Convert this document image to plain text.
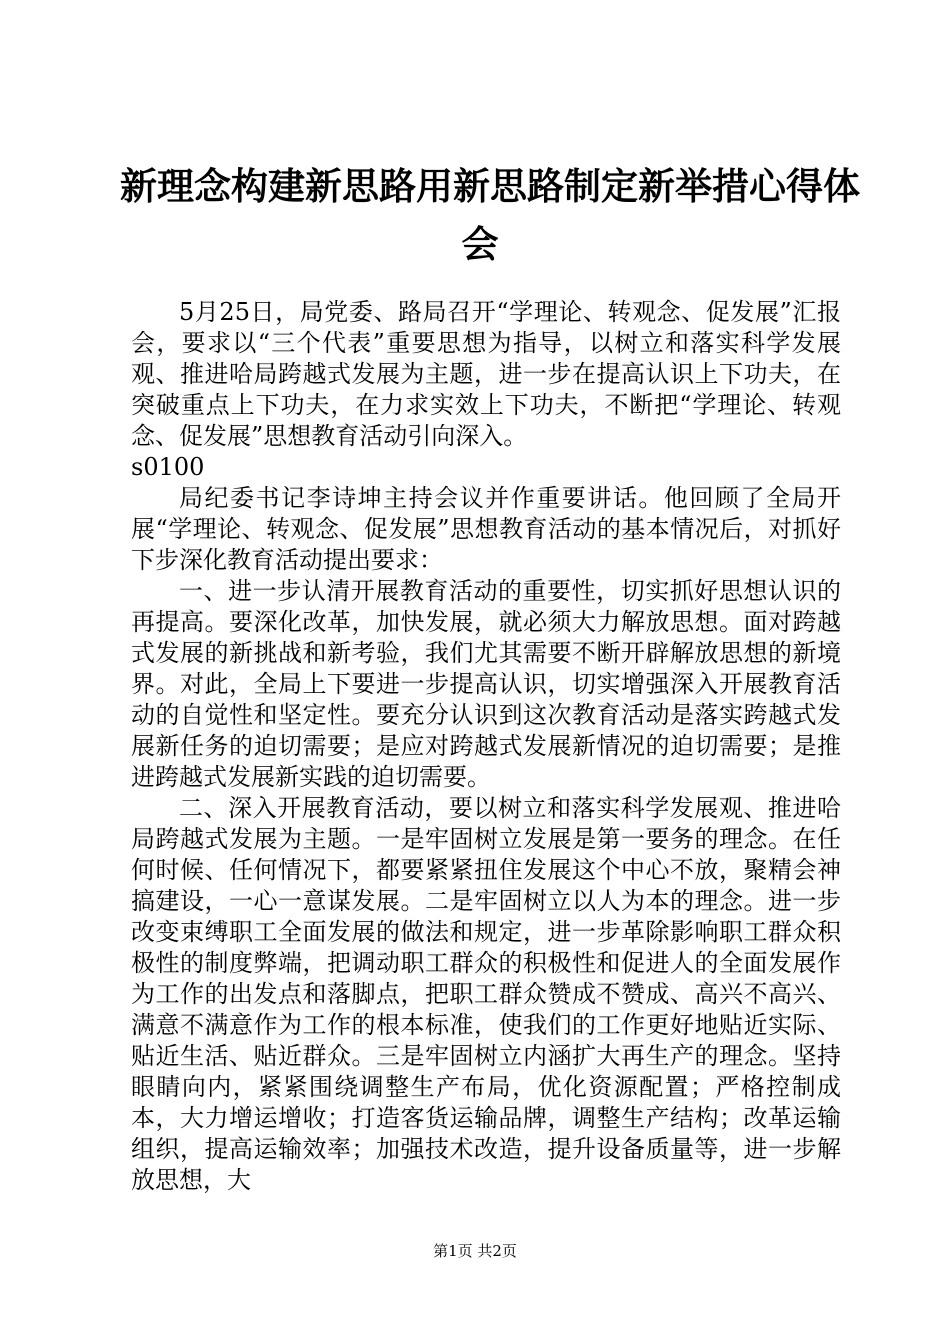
新理念构建新思路用新思路制定新举措心得体
会

5月25日，局党委、路局召开“学理论、转观念、促发展”汇报会，要求以“三个代表”重要思想为指导，以树立和落实科学发展观、推进哈局跨越式发展为主题，进一步在提高认识上下功夫，在突破重点上下功夫，在力求实效上下功夫，不断把“学理论、转观念、促发展”思想教育活动引向深入。

s0100

局纪委书记李诗坤主持会议并作重要讲话。他回顾了全局开展“学理论、转观念、促发展”思想教育活动的基本情况后，对抓好下步深化教育活动提出要求：

一、进一步认清开展教育活动的重要性，切实抓好思想认识的再提高。要深化改革，加快发展，就必须大力解放思想。面对跨越式发展的新挑战和新考验，我们尤其需要不断开辟解放思想的新境界。对此，全局上下要进一步提高认识，切实增强深入开展教育活动的自觉性和坚定性。要充分认识到这次教育活动是落实跨越式发展新任务的迫切需要；是应对跨越式发展新情况的迫切需要；是推进跨越式发展新实践的迫切需要。

二、深入开展教育活动，要以树立和落实科学发展观、推进哈局跨越式发展为主题。一是牢固树立发展是第一要务的理念。在任何时候、任何情况下，都要紧紧扭住发展这个中心不放，聚精会神搞建设，一心一意谋发展。二是牢固树立以人为本的理念。进一步改变束缚职工全面发展的做法和规定，进一步革除影响职工群众积极性的制度弊端，把调动职工群众的积极性和促进人的全面发展作为工作的出发点和落脚点，把职工群众赞成不赞成、高兴不高兴、满意不满意作为工作的根本标准，使我们的工作更好地贴近实际、贴近生活、贴近群众。三是牢固树立内涵扩大再生产的理念。坚持眼睛向内，紧紧围绕调整生产布局，优化资源配置；严格控制成本，大力增运增收；打造客货运输品牌，调整生产结构；改革运输组织，提高运输效率；加强技术改造，提升设备质量等，进一步解放思想，大

第1页 共2页
